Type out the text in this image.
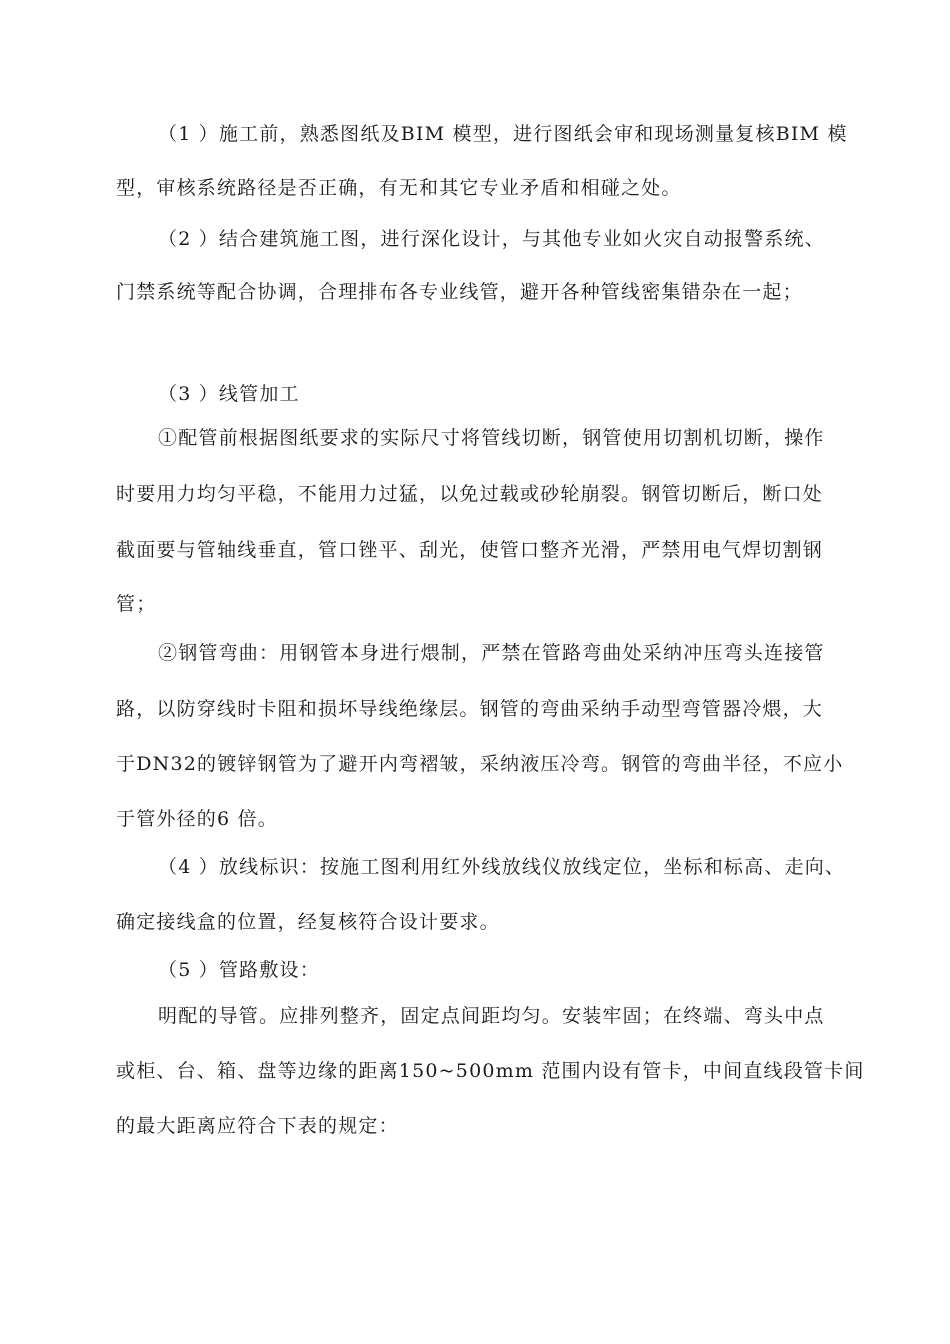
（1 ）施工前，熟悉图纸及BIM 模型，进行图纸会审和现场测量复核BIM 模
型，审核系统路径是否正确，有无和其它专业矛盾和相碰之处。
（2 ）结合建筑施工图，进行深化设计，与其他专业如火灾自动报警系统、
门禁系统等配合协调，合理排布各专业线管，避开各种管线密集错杂在一起；
（3 ）线管加工
①配管前根据图纸要求的实际尺寸将管线切断，钢管使用切割机切断，操作
时要用力均匀平稳，不能用力过猛，以免过载或砂轮崩裂。钢管切断后，断口处
截面要与管轴线垂直，管口锉平、刮光，使管口整齐光滑，严禁用电气焊切割钢
管；
②钢管弯曲：用钢管本身进行煨制，严禁在管路弯曲处采纳冲压弯头连接管
路，以防穿线时卡阻和损坏导线绝缘层。钢管的弯曲采纳手动型弯管器冷煨，大
于DN32的镀锌钢管为了避开内弯褶皱，采纳液压冷弯。钢管的弯曲半径，不应小
于管外径的6 倍。
（4 ）放线标识：按施工图利用红外线放线仪放线定位，坐标和标高、走向、
确定接线盒的位置，经复核符合设计要求。
（5 ）管路敷设：
明配的导管。应排列整齐，固定点间距均匀。安装牢固；在终端、弯头中点
或柜、台、箱、盘等边缘的距离150~500mm 范围内设有管卡，中间直线段管卡间
的最大距离应符合下表的规定：
